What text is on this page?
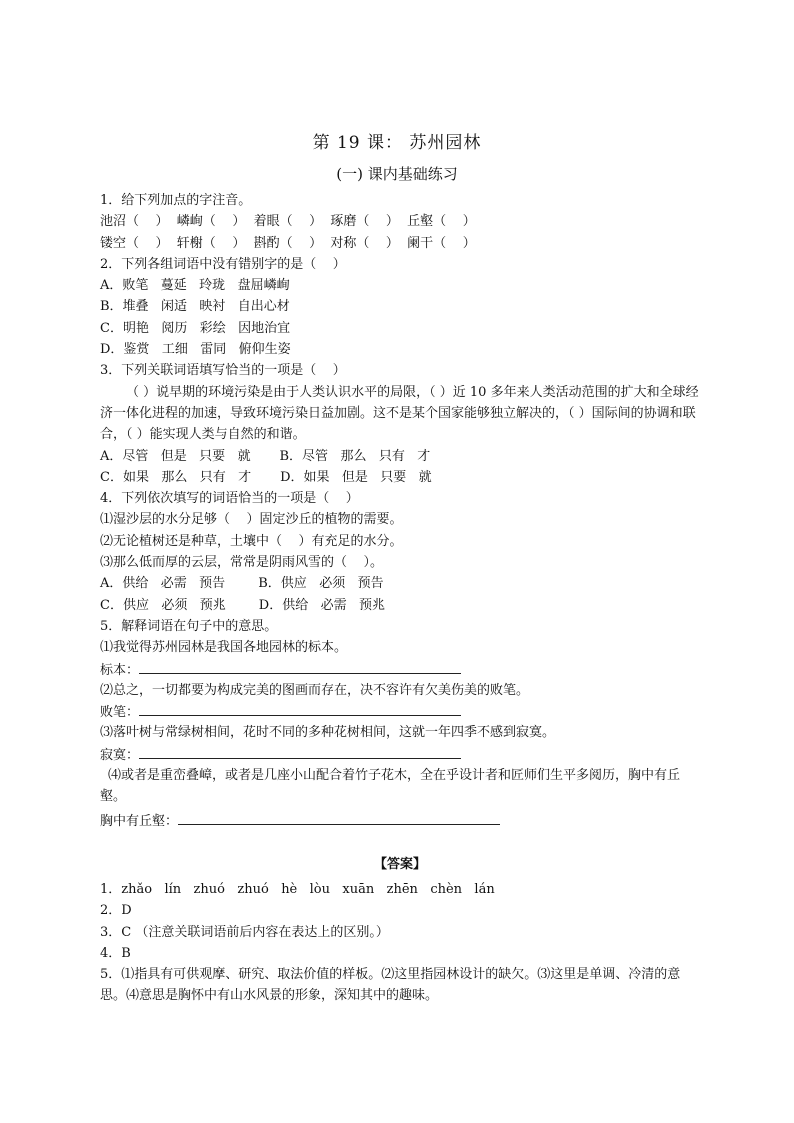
第 19 课： 苏州园林
(一) 课内基础练习
1．给下列加点的字注音。
池沼（    ）  嶙峋（    ）  着眼（    ）  琢磨（    ）  丘壑（    ）
镂空（    ）  轩榭（    ）  斟酌（    ）  对称（    ）  阑干（    ）
2．下列各组词语中没有错别字的是（    ）
A．败笔   蔓延   玲珑   盘屈嶙峋
B．堆叠   闲适   映衬   自出心材
C．明艳   阅历   彩绘   因地治宜
D．鉴赏   工细   雷同   俯仰生姿
3．下列关联词语填写恰当的一项是（    ）
（ ）说早期的环境污染是由于人类认识水平的局限，（ ）近 10 多年来人类活动范围的扩大和全球经济一体化进程的加速，导致环境污染日益加剧。这不是某个国家能够独立解决的，（ ）国际间的协调和联合，（ ）能实现人类与自然的和谐。
A．尽管   但是   只要   就       B．尽管   那么   只有   才
C．如果   那么   只有   才       D．如果   但是   只要   就
4．下列依次填写的词语恰当的一项是（    ）
⑴湿沙层的水分足够（    ）固定沙丘的植物的需要。
⑵无论植树还是种草，土壤中（    ）有充足的水分。
⑶那么低而厚的云层，常常是阴雨风雪的（    ）。
A．供给   必需   预告        B．供应   必须   预告
C．供应   必须   预兆        D．供给   必需   预兆
5．解释词语在句子中的意思。
⑴我觉得苏州园林是我国各地园林的标本。
标本：
⑵总之，一切都要为构成完美的图画而存在，决不容许有欠美伤美的败笔。
败笔：
⑶落叶树与常绿树相间，花时不同的多种花树相间，这就一年四季不感到寂寞。
寂寞：
⑷或者是重峦叠嶂，或者是几座小山配合着竹子花木，全在乎设计者和匠师们生平多阅历，胸中有丘壑。
胸中有丘壑：
【答案】
1．zhǎo   lín   zhuó   zhuó   hè   lòu   xuān   zhēn   chèn   lán
2．D
3．C （注意关联词语前后内容在表达上的区别。）
4．B
5．⑴指具有可供观摩、研究、取法价值的样板。⑵这里指园林设计的缺欠。⑶这里是单调、冷清的意思。⑷意思是胸怀中有山水风景的形象，深知其中的趣味。
